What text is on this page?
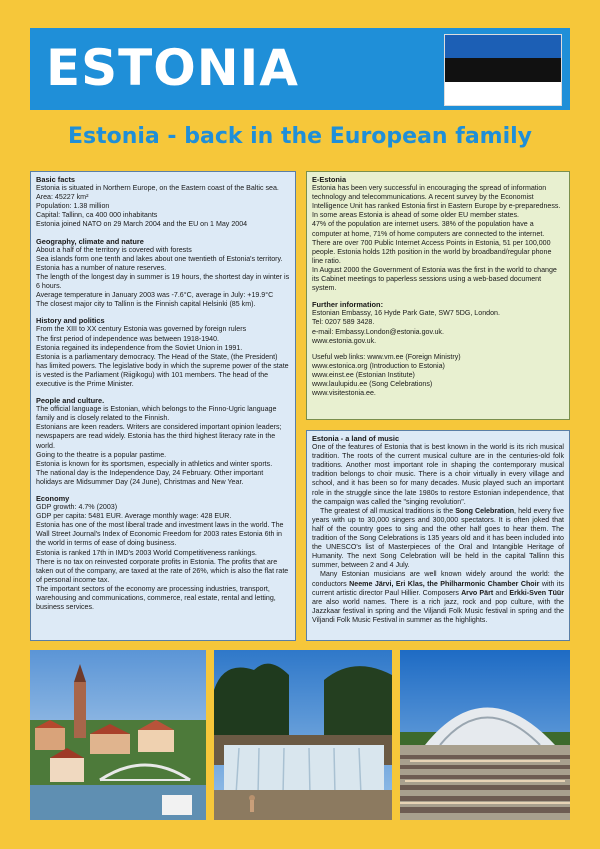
ESTONIA
Estonia - back in the European family
Basic facts

Estonia is situated in Northern Europe, on the Eastern coast of the Baltic sea.

Area: 45227 km²

Population: 1.38 million

Capital: Tallinn, ca 400 000 inhabitants

Estonia joined NATO on 29 March 2004 and the EU on 1 May 2004

Geography, climate and nature

About a half of the territory is covered with forests

Sea islands form one tenth and lakes about one twentieth of Estonia's territory.

Estonia has a number of nature reserves.

The length of the longest day in summer is 19 hours, the shortest day in winter is 6 hours.

Average temperature in January 2003 was -7.6°C, average in July: +19.9°C

The closest major city to Tallinn is the Finnish capital Helsinki (85 km).

History and politics

From the XIII to XX century Estonia was governed by foreign rulers

The first period of independence was between 1918-1940.

Estonia regained its independence from the Soviet Union in 1991.

Estonia is a parliamentary democracy. The Head of the State, (the President) has limited powers. The legislative body in which the supreme power of the state is vested is the Parliament (Riigikogu) with 101 members. The head of the executive is the Prime Minister.

People and culture.

The official language is Estonian, which belongs to the Finno-Ugric language family and is closely related to the Finnish.

Estonians are keen readers. Writers are considered important opinion leaders; newspapers are read widely. Estonia has the third highest literacy rate in the world.

Going to the theatre is a popular pastime.

Estonia is known for its sportsmen, especially in athletics and winter sports.

The national day is the Independence Day, 24 February. Other important holidays are Midsummer Day (24 June), Christmas and New Year.

Economy

GDP growth: 4.7% (2003)

GDP per capita: 5481 EUR. Average monthly wage: 428 EUR.

Estonia has one of the most liberal trade and investment laws in the world. The Wall Street Journal's Index of Economic Freedom for 2003 rates Estonia 6th in the world in terms of ease of doing business.

Estonia is ranked 17th in IMD's 2003 World Competitiveness rankings.

There is no tax on reinvested corporate profits in Estonia. The profits that are taken out of the company, are taxed at the rate of 26%, which is also the flat rate of personal income tax.

The important sectors of the economy are processing industries, transport, warehousing and communications, commerce, real estate, rental and letting, business services.

E-Estonia

Estonia has been very successful in encouraging the spread of information technology and telecommunications. A recent survey by the Economist Intelligence Unit has ranked Estonia first in Eastern Europe by e-preparedness. In some areas Estonia is ahead of some older EU member states.

47% of the population are internet users. 38% of the population have a computer at home, 71% of home computers are connected to the internet. There are over 700 Public Internet Access Points in Estonia, 51 per 100,000 people. Estonia holds 12th position in the world by broadband/regular phone line ratio.

In August 2000 the Government of Estonia was the first in the world to change its Cabinet meetings to paperless sessions using a web-based document system.

Further information:

Estonian Embassy, 16 Hyde Park Gate, SW7 5DG, London.

Tel: 0207 589 3428.

e-mail: Embassy.London@estonia.gov.uk.

www.estonia.gov.uk.

Useful web links: www.vm.ee (Foreign Ministry)

www.estonica.org (Introduction to Estonia)

www.einst.ee (Estonian Institute)

www.laulupidu.ee (Song Celebrations)

www.visitestonia.ee.

Estonia - a land of music

One of the features of Estonia that is best known in the world is its rich musical tradition. The roots of the current musical culture are in the centuries-old folk traditions. Another most important role in shaping the contemporary musical tradition belongs to choir music. There is a choir virtually in every village and school, and it has been so for many decades. Music played such an important role in the struggle since the late 1980s to restore Estonian independence, that the campaign was called the "singing revolution".

The greatest of all musical traditions is the Song Celebration, held every five years with up to 30,000 singers and 300,000 spectators. It is often joked that half of the country goes to sing and the other half goes to hear them. The tradition of the Song Celebrations is 135 years old and it has been included into the UNESCO's list of Masterpieces of the Oral and Intangible Heritage of Humanity. The next Song Celebration will be held in the capital Tallinn this summer, between 2 and 4 July.

Many Estonian musicians are well known widely around the world: the conductors Neeme Järvi, Eri Klas, the Philharmonic Chamber Choir with its current artistic director Paul Hillier. Composers Arvo Pärt and Erkki-Sven Tüür are also world names. There is a rich jazz, rock and pop culture, with the Jazzkaar festival in spring and the Viljandi Folk Music festival in spring and the Viljandi Folk Music Festival in summer as the highlights.
